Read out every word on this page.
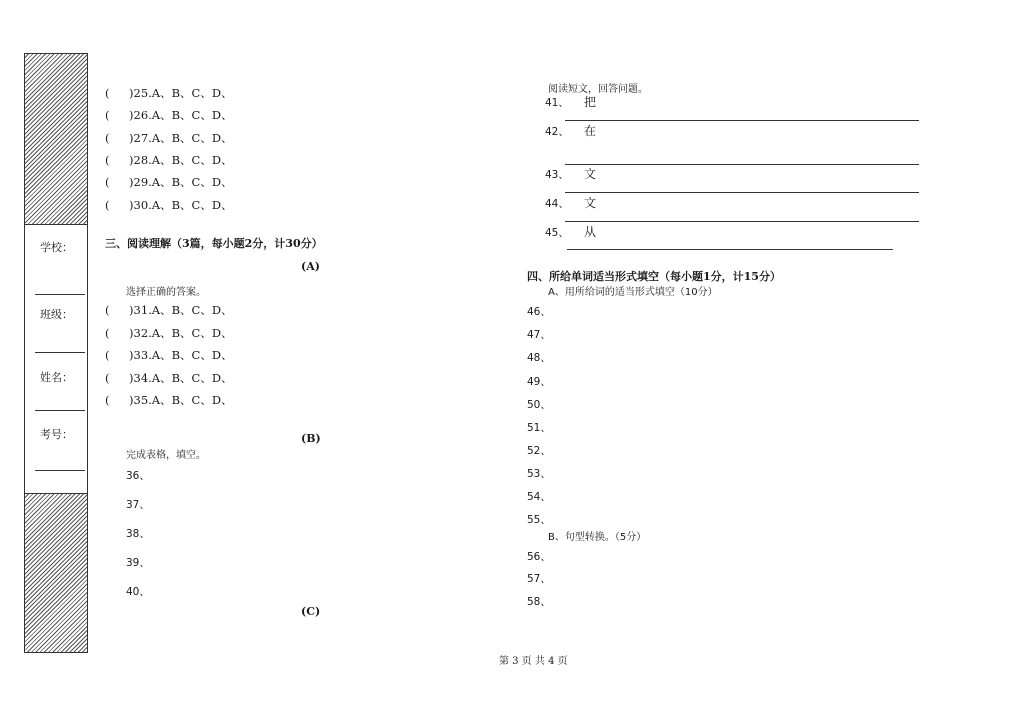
学校：
班级：
姓名：
考号：
( )25.A、B、C、D、
( )26.A、B、C、D、
( )27.A、B、C、D、
( )28.A、B、C、D、
( )29.A、B、C、D、
( )30.A、B、C、D、
三、阅读理解（3篇，每小题2分，计30分）
(A)
选择正确的答案。
( )31.A、B、C、D、
( )32.A、B、C、D、
( )33.A、B、C、D、
( )34.A、B、C、D、
( )35.A、B、C、D、
(B)
完成表格，填空。
36、
37、
38、
39、
40、
(C)
阅读短文，回答问题。
41、 把
42、 在
43、 文
44、 文
45、 从
四、所给单词适当形式填空（每小题1分，计15分）
A、用所给词的适当形式填空（10分）
46、
47、
48、
49、
50、
51、
52、
53、
54、
55、
B、句型转换。（5分）
56、
57、
58、
第 3 页 共 4 页
